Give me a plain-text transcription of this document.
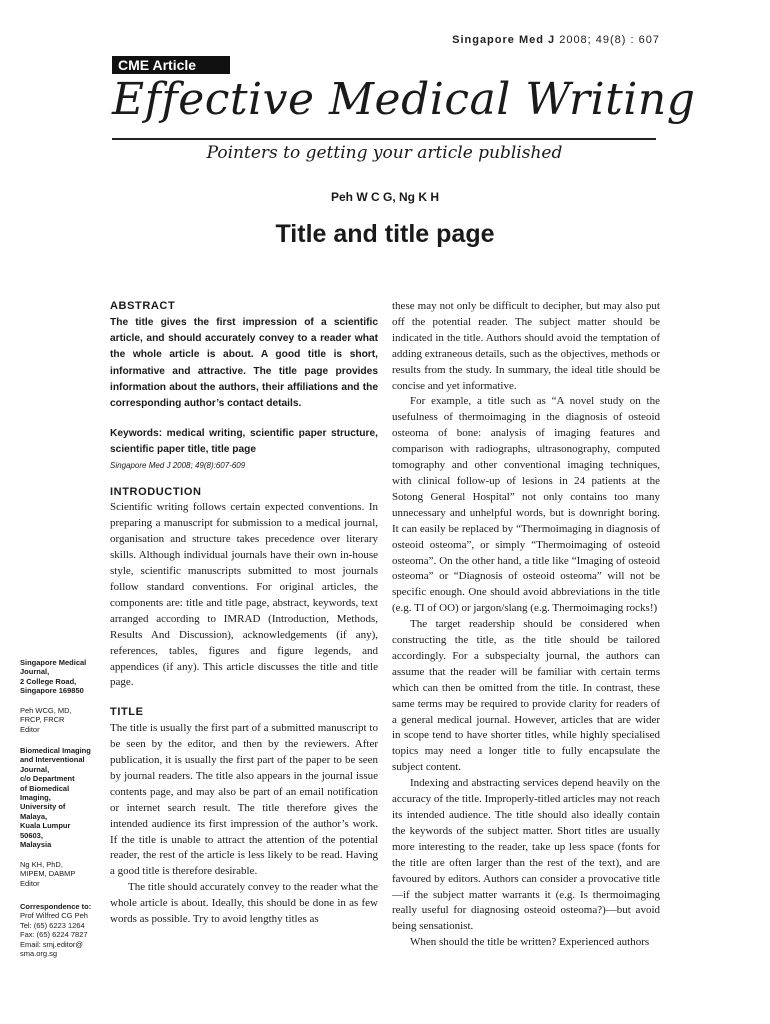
Singapore Med J 2008; 49(8) : 607
CME Article
Effective Medical Writing
Pointers to getting your article published
Peh W C G, Ng K H
Title and title page
Singapore Medical
Journal,
2 College Road,
Singapore 169850
Peh WCG, MD,
FRCP, FRCR
Editor
Biomedical Imaging
and Interventional
Journal,
c/o Department
of Biomedical
Imaging,
University of
Malaya,
Kuala Lumpur
50603,
Malaysia
Ng KH, PhD,
MIPEM, DABMP
Editor
Correspondence to:
Prof Wilfred CG Peh
Tel: (65) 6223 1264
Fax: (65) 6224 7827
Email: smj.editor@
sma.org.sg
ABSTRACT

The title gives the first impression of a scientific article, and should accurately convey to a reader what the whole article is about. A good title is short, informative and attractive. The title page provides information about the authors, their affiliations and the corresponding author’s contact details.

Keywords: medical writing, scientific paper structure, scientific paper title, title page

Singapore Med J 2008; 49(8):607-609
INTRODUCTION

Scientific writing follows certain expected conventions. In preparing a manuscript for submission to a medical journal, organisation and structure takes precedence over literary skills. Although individual journals have their own in-house style, scientific manuscripts submitted to most journals follow standard conventions. For original articles, the components are: title and title page, abstract, keywords, text arranged according to IMRAD (Introduction, Methods, Results And Discussion), acknowledgements (if any), references, tables, figures and figure legends, and appendices (if any). This article discusses the title and title page.

TITLE

The title is usually the first part of a submitted manuscript to be seen by the editor, and then by the reviewers. After publication, it is usually the first part of the paper to be seen by journal readers. The title also appears in the journal issue contents page, and may also be part of an email notification or internet search result. The title therefore gives the intended audience its first impression of the author’s work. If the title is unable to attract the attention of the potential reader, the rest of the article is less likely to be read. Having a good title is therefore desirable.

The title should accurately convey to the reader what the whole article is about. Ideally, this should be done in as few words as possible. Try to avoid lengthy titles as

these may not only be difficult to decipher, but may also put off the potential reader. The subject matter should be indicated in the title. Authors should avoid the temptation of adding extraneous details, such as the objectives, methods or results from the study. In summary, the ideal title should be concise and yet informative.

For example, a title such as “A novel study on the usefulness of thermoimaging in the diagnosis of osteoid osteoma of bone: analysis of imaging features and comparison with radiographs, ultrasonography, computed tomography and other conventional imaging techniques, with clinical follow-up of lesions in 24 patients at the Sotong General Hospital” not only contains too many unnecessary and unhelpful words, but is downright boring. It can easily be replaced by “Thermoimaging in diagnosis of osteoid osteoma”, or simply “Thermoimaging of osteoid osteoma”. On the other hand, a title like “Imaging of osteoid osteoma” or “Diagnosis of osteoid osteoma” will not be specific enough. One should avoid abbreviations in the title (e.g. TI of OO) or jargon/slang (e.g. Thermoimaging rocks!)

The target readership should be considered when constructing the title, as the title should be tailored accordingly. For a subspecialty journal, the authors can assume that the reader will be familiar with certain terms which can then be omitted from the title. In contrast, these same terms may be required to provide clarity for readers of a general medical journal. However, articles that are wider in scope tend to have shorter titles, while highly specialised topics may need a longer title to fully encapsulate the subject content.

Indexing and abstracting services depend heavily on the accuracy of the title. Improperly-titled articles may not reach its intended audience. The title should also ideally contain the keywords of the subject matter. Short titles are usually more interesting to the reader, take up less space (fonts for the title are often larger than the rest of the text), and are favoured by editors. Authors can consider a provocative title—if the subject matter warrants it (e.g. Is thermoimaging really useful for diagnosing osteoid osteoma?)—but avoid being sensationist.

When should the title be written? Experienced authors
